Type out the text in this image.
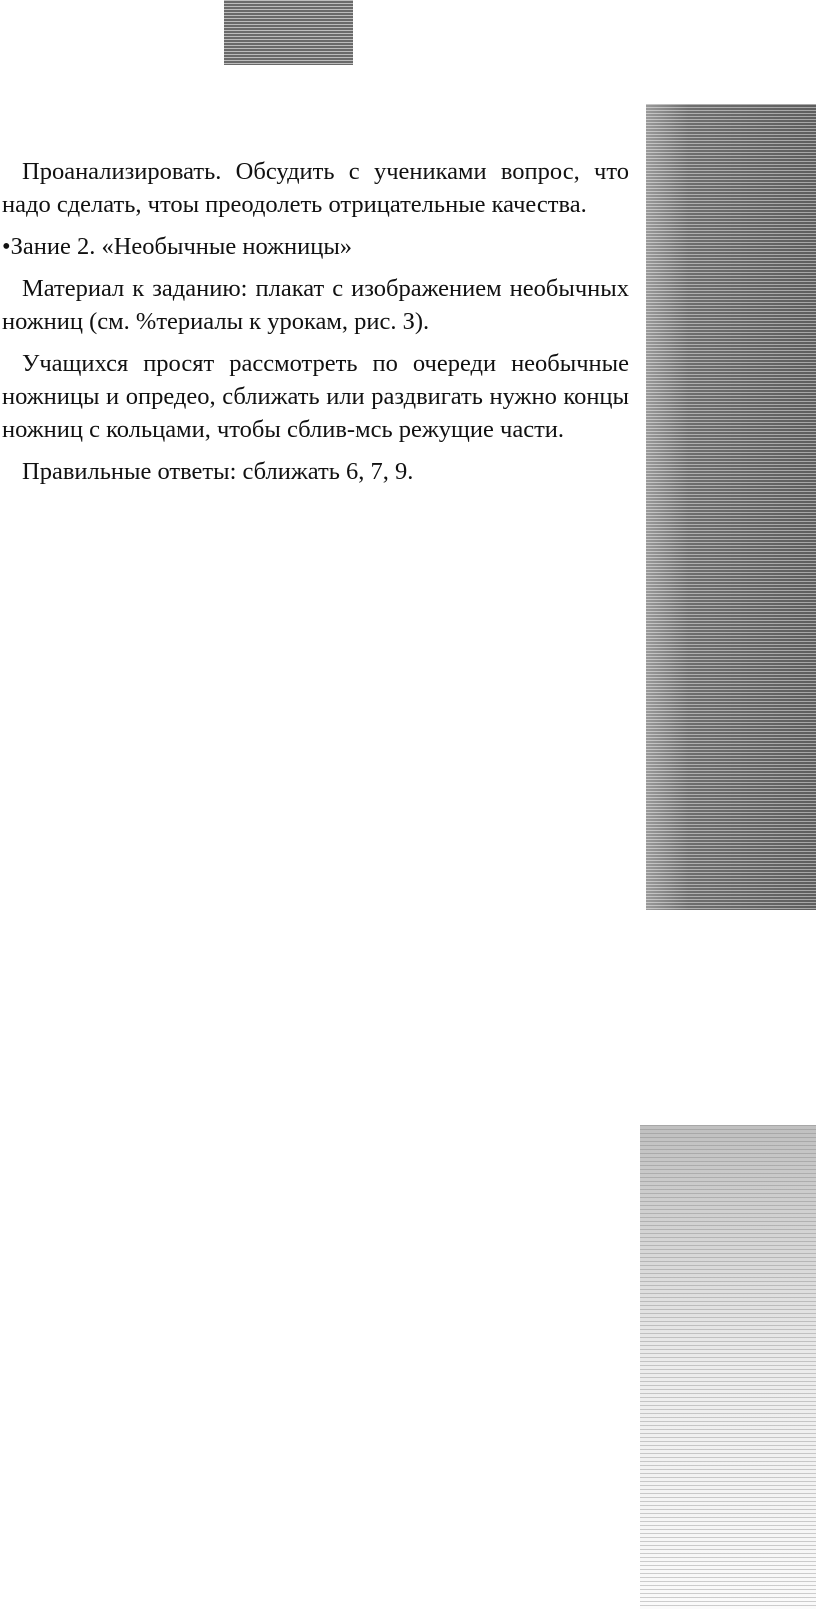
Проанализировать. Обсудить с учениками вопрос, что надо сделать, чтоы преодолеть отрицательные качества.

•Зание 2. «Необычные ножницы»

Материал к заданию: плакат с изображением необычных ножниц (см. %териалы к урокам, рис. З).

Учащихся просят рассмотреть по очереди необычные ножницы и опредео, сближать или раздвигать нужно концы ножниц с кольцами, чтобы сблив-мсь режущие части.

Правильные ответы: сближать 6, 7, 9.
